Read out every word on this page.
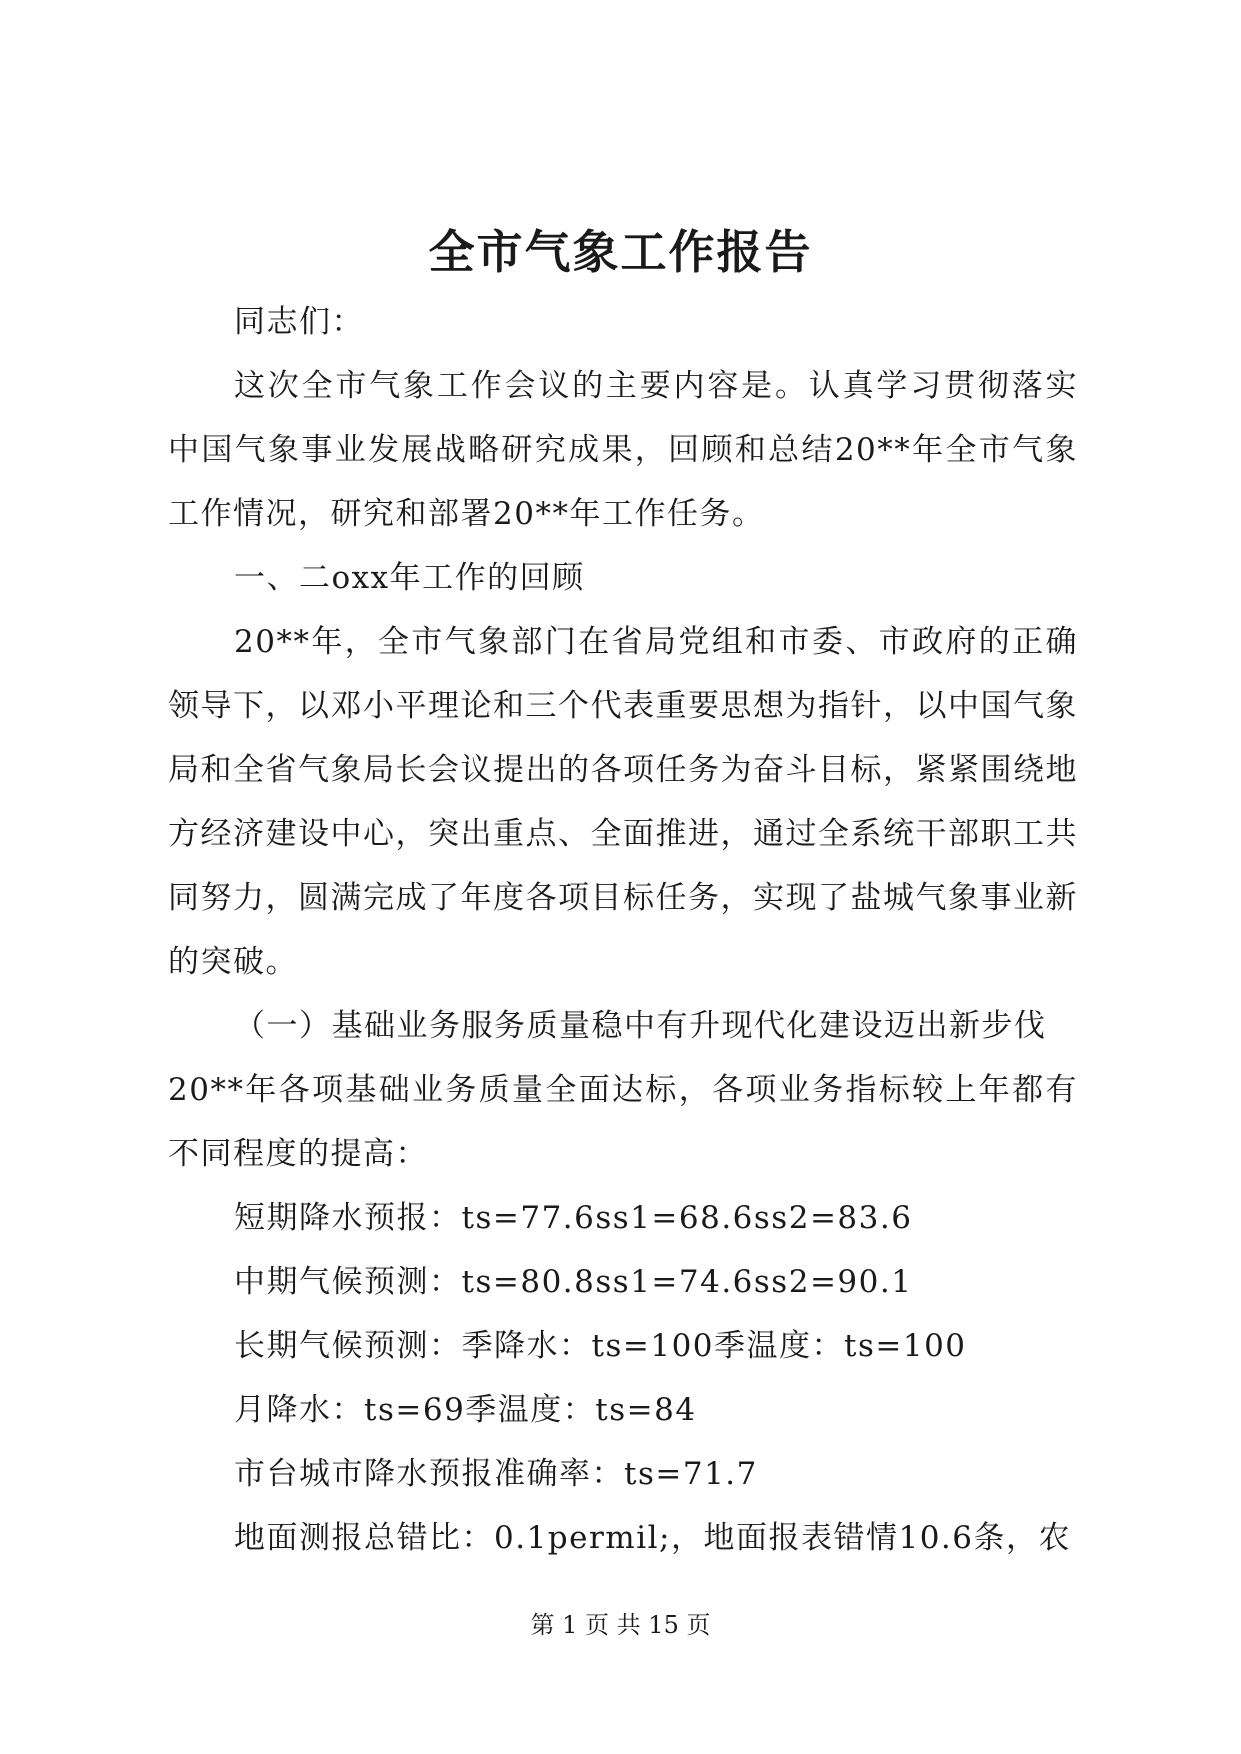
全市气象工作报告

同志们：

这次全市气象工作会议的主要内容是。认真学习贯彻落实中国气象事业发展战略研究成果，回顾和总结20**年全市气象工作情况，研究和部署20**年工作任务。

一、二oxx年工作的回顾

20**年，全市气象部门在省局党组和市委、市政府的正确领导下，以邓小平理论和三个代表重要思想为指针，以中国气象局和全省气象局长会议提出的各项任务为奋斗目标，紧紧围绕地方经济建设中心，突出重点、全面推进，通过全系统干部职工共同努力，圆满完成了年度各项目标任务，实现了盐城气象事业新的突破。

（一）基础业务服务质量稳中有升现代化建设迈出新步伐

20**年各项基础业务质量全面达标，各项业务指标较上年都有不同程度的提高：

短期降水预报：ts=77.6ss1=68.6ss2=83.6

中期气候预测：ts=80.8ss1=74.6ss2=90.1

长期气候预测：季降水：ts=100季温度：ts=100

月降水：ts=69季温度：ts=84

市台城市降水预报准确率：ts=71.7

地面测报总错比：0.1permil;，地面报表错情10.6条，农

第 1 页 共 15 页
